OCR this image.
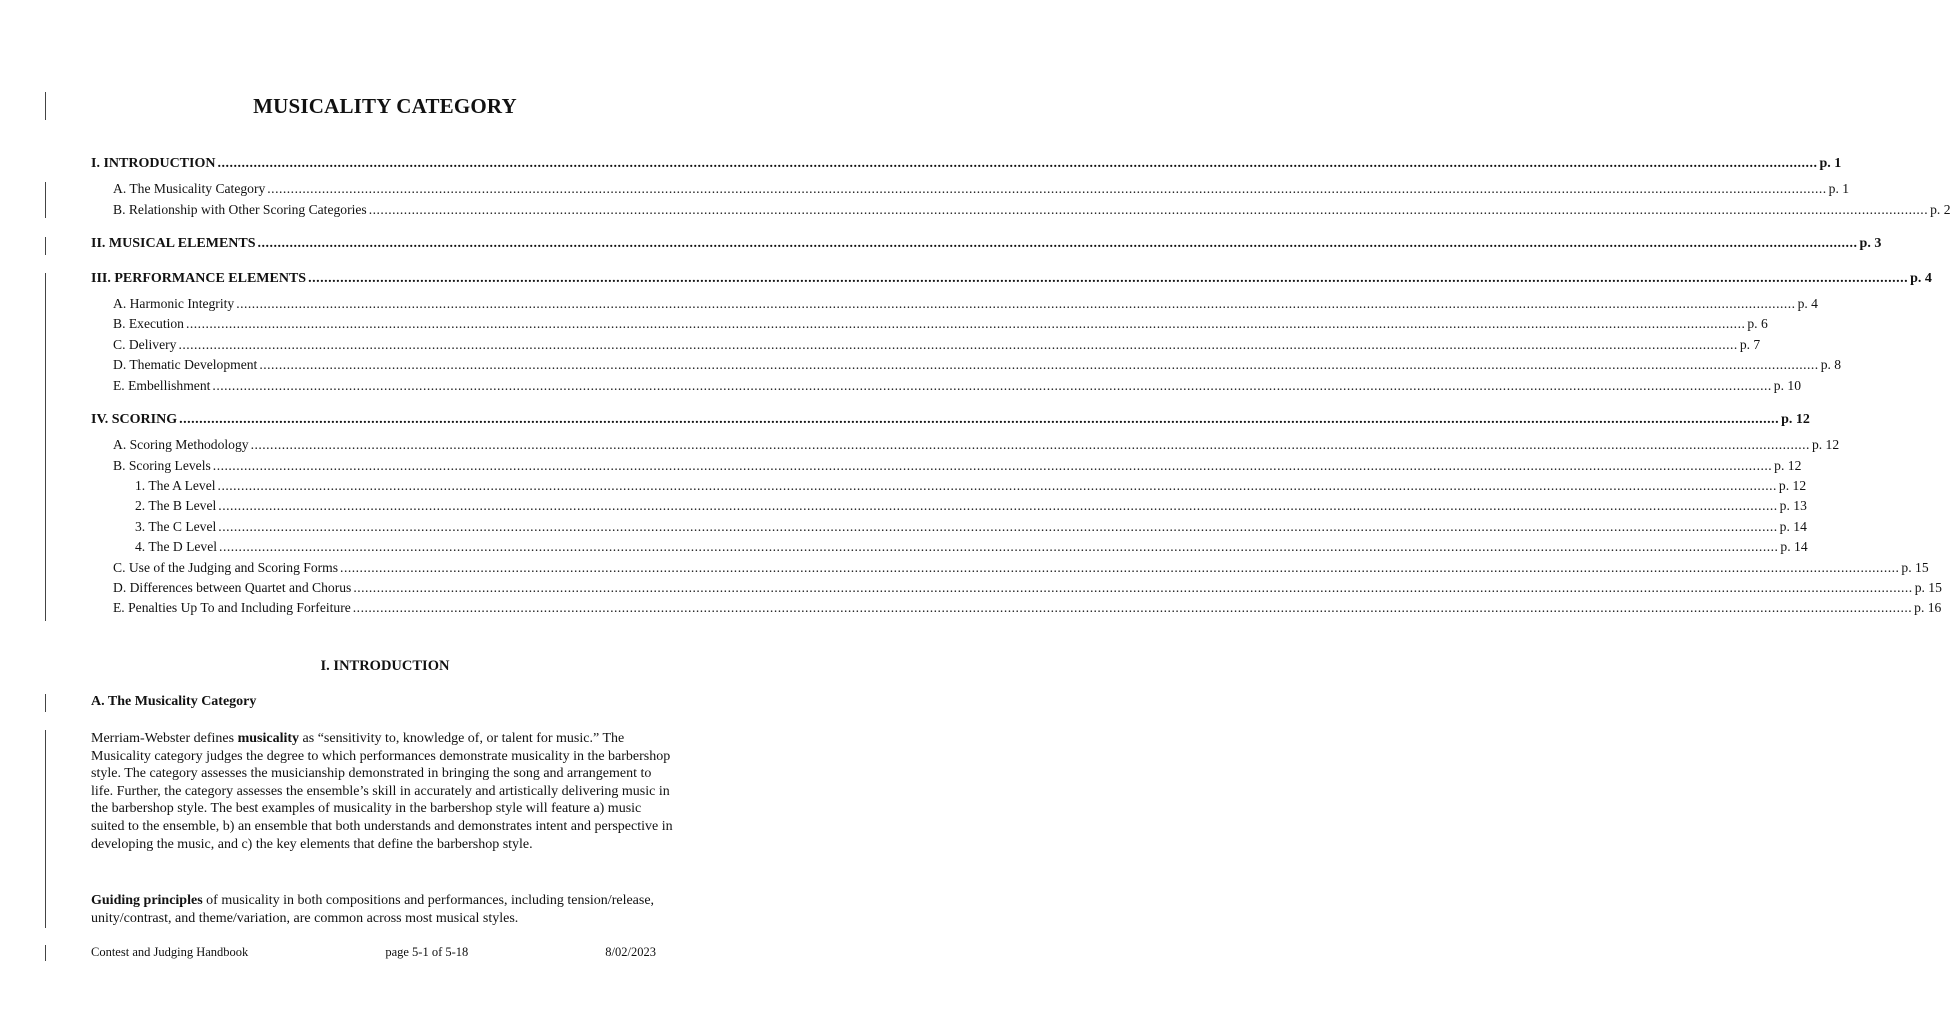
MUSICALITY CATEGORY
I. INTRODUCTION ................................................................................................................................................................................................................................................................................................................................................................................................................ p. 1
A. The Musicality Category ................................................................................................................................................................................................................................................................................................................................................................................................................ p. 1
B. Relationship with Other Scoring Categories ................................................................................................................................................................................................................................................................................................................................................................................................................ p. 2
II. MUSICAL ELEMENTS ................................................................................................................................................................................................................................................................................................................................................................................................................ p. 3
III. PERFORMANCE ELEMENTS ................................................................................................................................................................................................................................................................................................................................................................................................................ p. 4
A. Harmonic Integrity ................................................................................................................................................................................................................................................................................................................................................................................................................ p. 4
B. Execution ................................................................................................................................................................................................................................................................................................................................................................................................................ p. 6
C. Delivery ................................................................................................................................................................................................................................................................................................................................................................................................................ p. 7
D. Thematic Development ................................................................................................................................................................................................................................................................................................................................................................................................................ p. 8
E. Embellishment ................................................................................................................................................................................................................................................................................................................................................................................................................ p. 10
IV. SCORING ................................................................................................................................................................................................................................................................................................................................................................................................................ p. 12
A. Scoring Methodology ................................................................................................................................................................................................................................................................................................................................................................................................................ p. 12
B. Scoring Levels ................................................................................................................................................................................................................................................................................................................................................................................................................ p. 12
1. The A Level ................................................................................................................................................................................................................................................................................................................................................................................................................ p. 12
2. The B Level ................................................................................................................................................................................................................................................................................................................................................................................................................ p. 13
3. The C Level ................................................................................................................................................................................................................................................................................................................................................................................................................ p. 14
4. The D Level ................................................................................................................................................................................................................................................................................................................................................................................................................ p. 14
C. Use of the Judging and Scoring Forms ................................................................................................................................................................................................................................................................................................................................................................................................................ p. 15
D. Differences between Quartet and Chorus ................................................................................................................................................................................................................................................................................................................................................................................................................ p. 15
E. Penalties Up To and Including Forfeiture ................................................................................................................................................................................................................................................................................................................................................................................................................ p. 16
I. INTRODUCTION
A. The Musicality Category
Merriam-Webster defines musicality as “sensitivity to, knowledge of, or talent for music.” The Musicality category judges the degree to which performances demonstrate musicality in the barbershop style. The category assesses the musicianship demonstrated in bringing the song and arrangement to life. Further, the category assesses the ensemble’s skill in accurately and artistically delivering music in the barbershop style. The best examples of musicality in the barbershop style will feature a) music suited to the ensemble, b) an ensemble that both understands and demonstrates intent and perspective in developing the music, and c) the key elements that define the barbershop style.
Guiding principles of musicality in both compositions and performances, including tension/release, unity/contrast, and theme/variation, are common across most musical styles.
Contest and Judging Handbook	page 5-1 of 5-18	8/02/2023
